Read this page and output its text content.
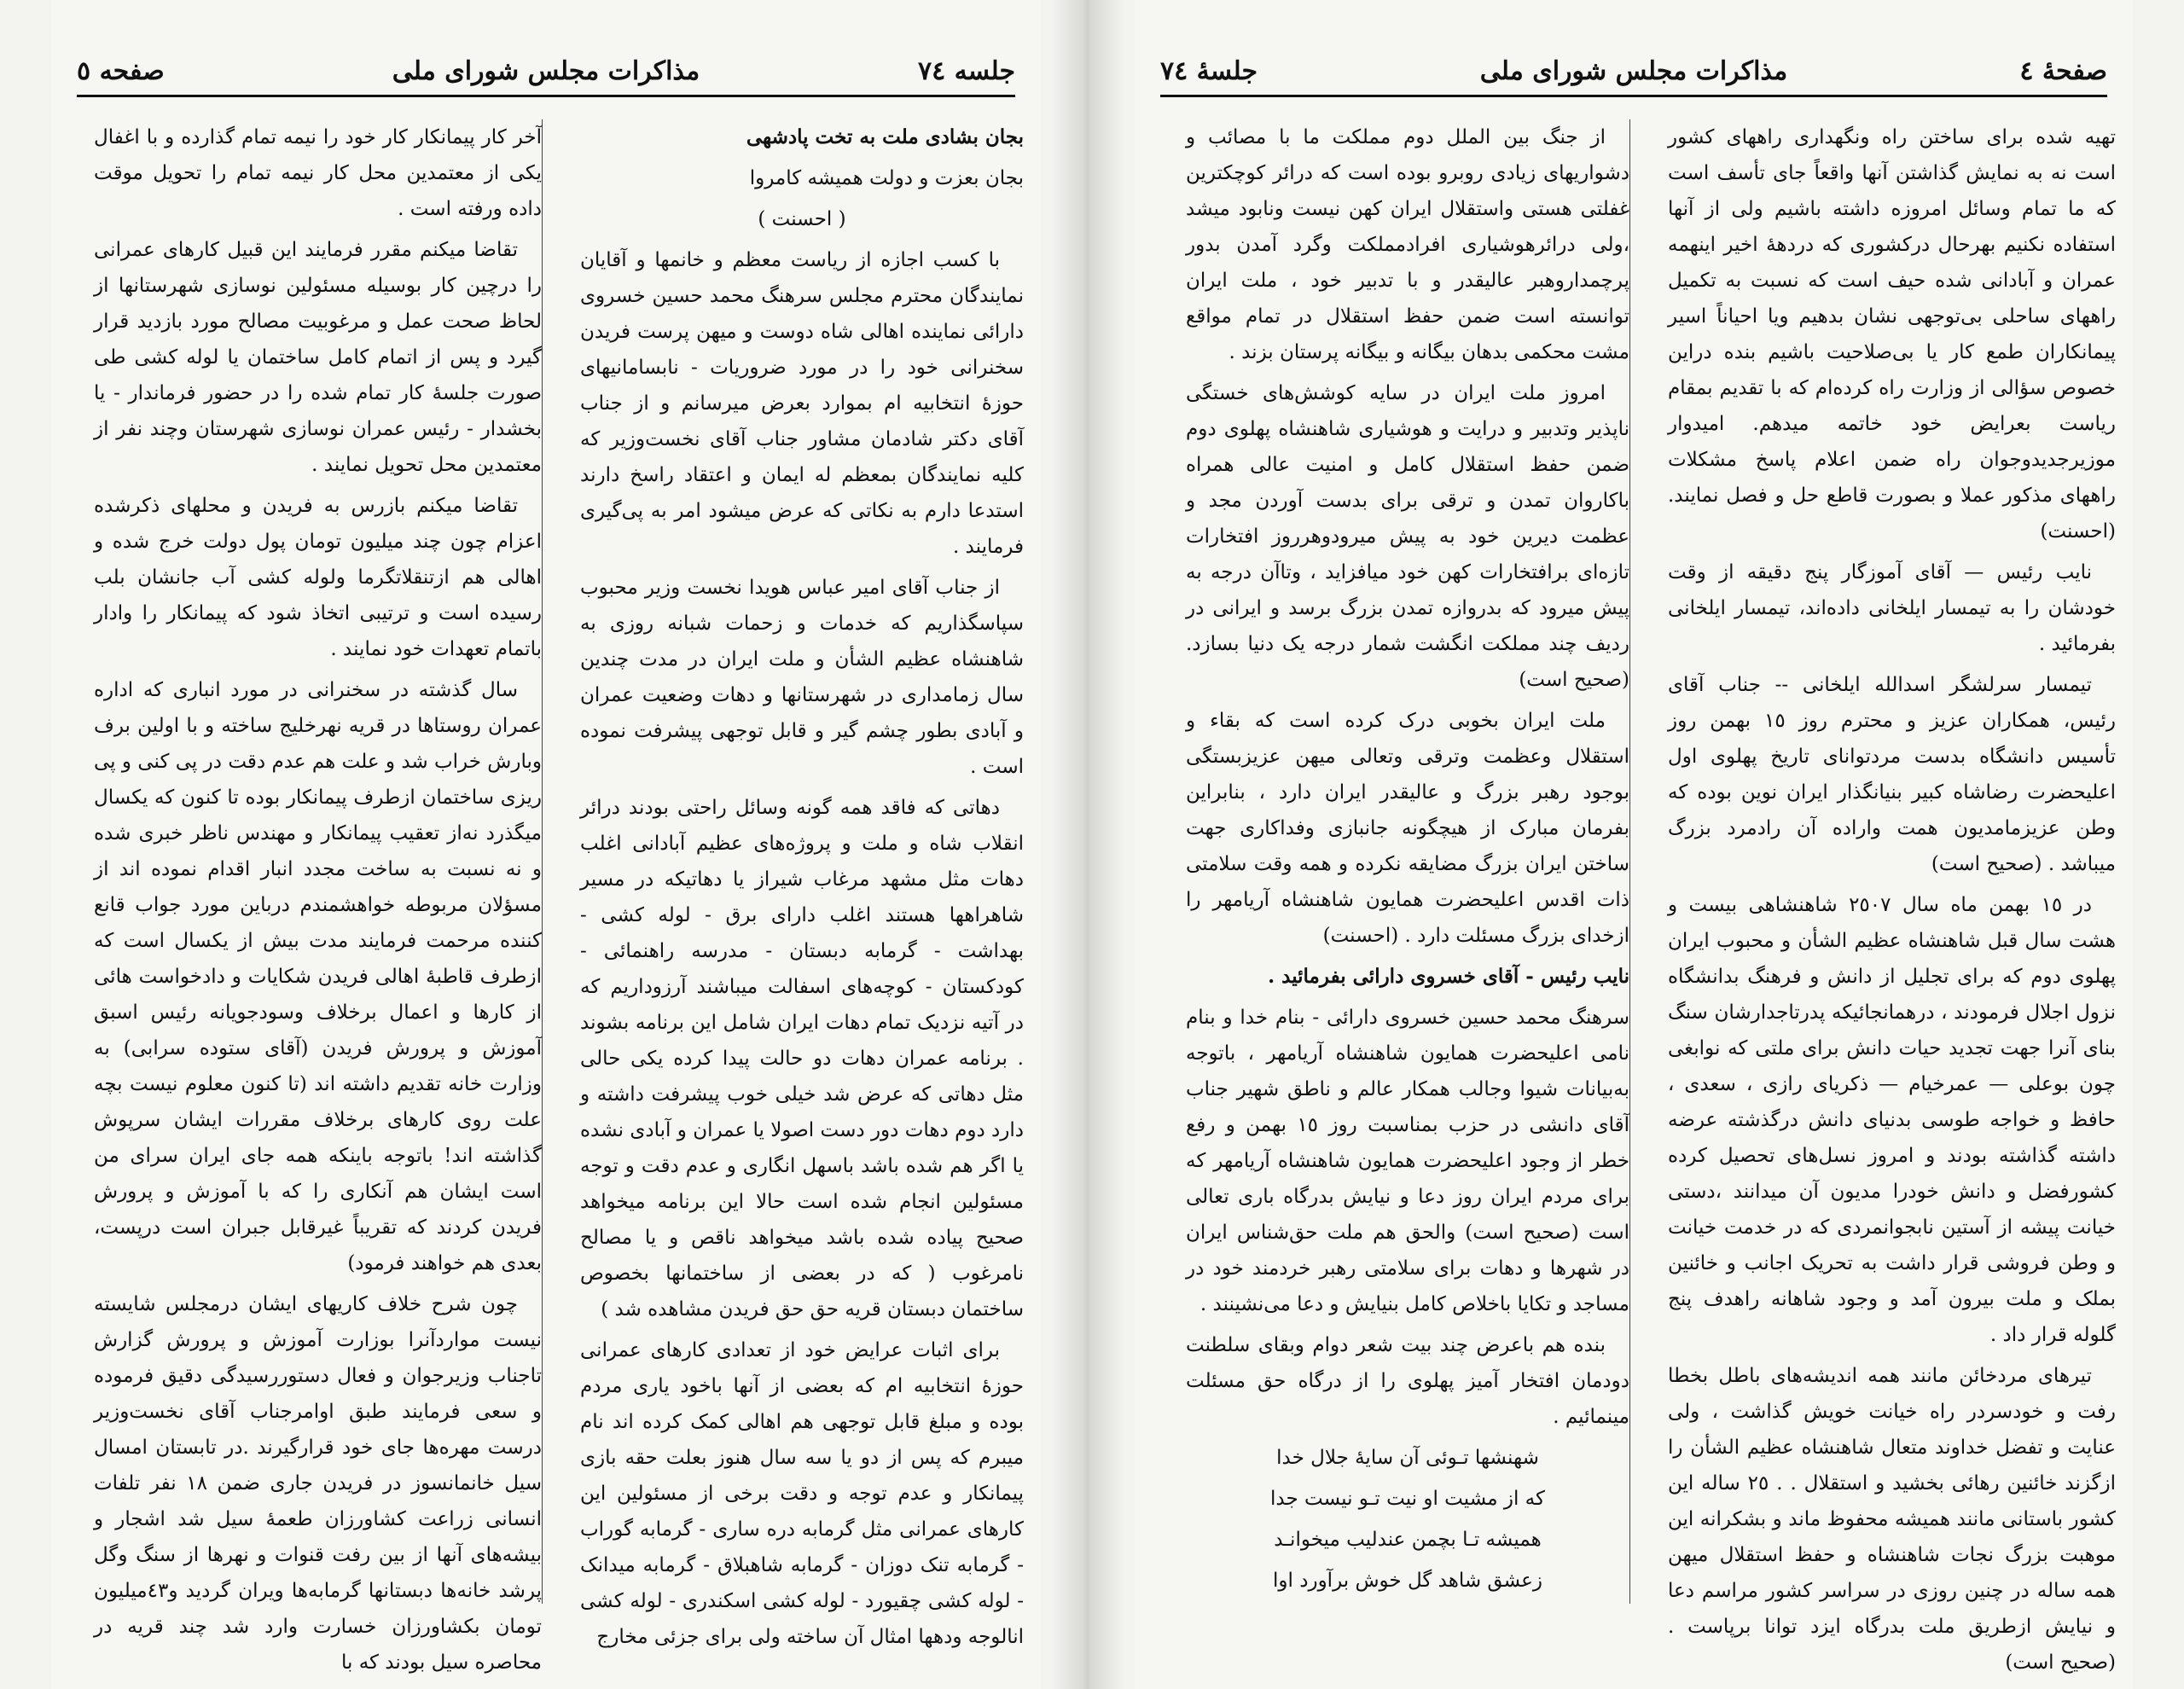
صفحه ٥	مذاکرات مجلس شورای ملی	جلسه ٧٤

بجان بشادی ملت به تخت پادشهی

بجان بعزت و دولت همیشه کامروا

( احسنت )

با کسب اجازه از ریاست معظم و خانمها و آقایان نمایندگان محترم مجلس سرهنگ محمد حسین خسروی دارائی نماینده اهالی شاه دوست و میهن پرست فریدن سخنرانی خود را در مورد ضروریات - نابسامانیهای حوزهٔ انتخابیه ام بموارد بعرض میرسانم و از جناب آقای دکتر شادمان مشاور جناب آقای نخست‌وزیر که کلیه نمایندگان بمعظم له ایمان و اعتقاد راسخ دارند استدعا دارم به نکاتی که عرض میشود امر به پی‌گیری فرمایند .

از جناب آقای امیر عباس هویدا نخست وزیر محبوب سپاسگذاریم که خدمات و زحمات شبانه روزی به شاهنشاه عظیم الشأن و ملت ایران در مدت چندین سال زمامداری در شهرستانها و دهات وضعیت عمران و آبادی بطور چشم گیر و قابل توجهی پیشرفت نموده است .

دهاتی که فاقد همه گونه وسائل راحتی بودند درائر انقلاب شاه و ملت و پروژه‌های عظیم آبادانی اغلب دهات مثل مشهد مرغاب شیراز یا دهاتیکه در مسیر شاهراهها هستند اغلب دارای برق - لوله کشی - بهداشت - گرمابه دبستان - مدرسه راهنمائی - کودکستان - کوچه‌های اسفالت میباشند آرزوداریم که در آتیه نزدیک تمام دهات ایران شامل این برنامه بشوند . برنامه عمران دهات دو حالت پیدا کرده یکی حالی مثل دهاتی که عرض شد خیلی خوب پیشرفت داشته و دارد دوم دهات دور دست اصولا یا عمران و آبادی نشده یا اگر هم شده باشد باسهل انگاری و عدم دقت و توجه مسئولین انجام شده است حالا این برنامه میخواهد صحیح پیاده شده باشد میخواهد ناقص و یا مصالح نامرغوب ( که در بعضی از ساختمانها بخصوص ساختمان دبستان قریه حق حق فریدن مشاهده شد )

برای اثبات عرایض خود از تعدادی کارهای عمرانی حوزهٔ انتخابیه ام که بعضی از آنها باخود یاری مردم بوده و مبلغ قابل توجهی هم اهالی کمک کرده اند نام میبرم که پس از دو یا سه سال هنوز بعلت حقه بازی پیمانکار و عدم توجه و دقت برخی از مسئولین این کارهای عمرانی مثل گرمابه دره ساری - گرمابه گوراب - گرمابه تنک دوزان - گرمابه شاهبلاق - گرمابه میدانک - لوله کشی چقیورد - لوله کشی اسکندری - لوله کشی انالوجه ودهها امثال آن ساخته ولی برای جزئی مخارج

آخر کار پیمانکار کار خود را نیمه تمام گذارده و با اغفال یکی از معتمدین محل کار نیمه تمام را تحویل موقت داده ورفته است .

تقاضا میکنم مقرر فرمایند این قبیل کارهای عمرانی را درچین کار بوسیله مسئولین نوسازی شهرستانها از لحاظ صحت عمل و مرغوبیت مصالح مورد بازدید قرار گیرد و پس از اتمام کامل ساختمان یا لوله کشی طی صورت جلسهٔ کار تمام شده را در حضور فرماندار - یا بخشدار - رئیس عمران نوسازی شهرستان وچند نفر از معتمدین محل تحویل نمایند .

تقاضا میکنم بازرس به فریدن و محلهای ذکرشده اعزام چون چند میلیون تومان پول دولت خرج شده و اهالی هم ازتنقلاتگرما ولوله کشی آب جانشان بلب رسیده است و ترتیبی اتخاذ شود که پیمانکار را وادار باتمام تعهدات خود نمایند .

سال گذشته در سخنرانی در مورد انباری که اداره عمران روستاها در قریه نهرخلیج ساخته و با اولین برف وبارش خراب شد و علت هم عدم دقت در پی کنی و پی ریزی ساختمان ازطرف پیمانکار بوده تا کنون که یکسال میگذرد نه‌از تعقیب پیمانکار و مهندس ناظر خبری شده و نه نسبت به ساخت مجدد انبار اقدام نموده اند از مسؤلان مربوطه خواهشمندم درباین مورد جواب قانع کننده مرحمت فرمایند مدت بیش از یکسال است که ازطرف قاطبهٔ اهالی فریدن شکایات و دادخواست هائی از کارها و اعمال برخلاف وسودجویانه رئیس اسبق آموزش و پرورش فریدن (آقای ستوده سرابی) به وزارت خانه تقدیم داشته اند (تا کنون معلوم نیست بچه علت روی کارهای برخلاف مقررات ایشان سرپوش گذاشته اند! باتوجه باینکه همه جای ایران سرای من است ایشان هم آنکاری را که با آموزش و پرورش فریدن کردند که تقریباً غیرقابل جبران است درپست، بعدی هم خواهند فرمود)

چون شرح خلاف کاریهای ایشان درمجلس شایسته نیست مواردآنرا بوزارت آموزش و پرورش گزارش تاجناب وزیرجوان و فعال دستوررسیدگی دقیق فرموده و سعی فرمایند طبق اوامرجناب آقای نخست‌وزیر درست مهره‌ها جای خود قرارگیرند .در تابستان امسال سیل خانمانسوز در فریدن جاری ضمن ١٨ نفر تلفات انسانی زراعت کشاورزان طعمهٔ سیل شد اشجار و بیشه‌های آنها از بین رفت قنوات و نهرها از سنگ وگل پرشد خانه‌ها دبستانها گرمابه‌ها ویران گردید و٤٣میلیون تومان بکشاورزان خسارت وارد شد چند قریه در محاصره سیل بودند که با

صفحهٔ ٤
مذاکرات مجلس شورای ملی
جلسهٔ ٧٤

تهیه شده برای ساختن راه ونگهداری راههای کشور است نه به نمایش گذاشتن آنها واقعاً جای تأسف است که ما تمام وسائل امروزه داشته باشیم ولی از آنها استفاده نکنیم بهرحال درکشوری که دردههٔ اخیر اینهمه عمران و آبادانی شده حیف است که نسبت به تکمیل راههای ساحلی بی‌توجهی نشان بدهیم ویا احیاناً اسیر پیمانکاران طمع کار یا بی‌صلاحیت باشیم بنده دراین خصوص سؤالی از وزارت راه کرده‌ام که با تقدیم بمقام ریاست بعرایض خود خاتمه میدهم. امیدوار موزیرجدیدوجوان راه ضمن اعلام پاسخ مشکلات راههای مذکور عملا و بصورت قاطع حل و فصل نمایند. (احسنت)

نایب رئیس — آقای آموزگار پنج دقیقه از وقت خودشان را به تیمسار ایلخانی داده‌اند، تیمسار ایلخانی بفرمائید .

تیمسار سرلشگر اسدالله ایلخانی -- جناب آقای رئیس، همکاران عزیز و محترم روز ١٥ بهمن روز تأسیس دانشگاه بدست مردتوانای تاریخ پهلوی اول اعلیحضرت رضاشاه کبیر بنیانگذار ایران نوین بوده که وطن عزیزمامدیون همت واراده آن رادمرد بزرگ میباشد . (صحیح است)

در ١٥ بهمن ماه سال ٢٥٠٧ شاهنشاهی بیست و هشت سال قبل شاهنشاه عظیم الشأن و محبوب ایران پهلوی دوم که برای تجلیل از دانش و فرهنگ بدانشگاه نزول اجلال فرمودند ، درهمانجائیکه پدرتاجدارشان سنگ بنای آنرا جهت تجدید حیات دانش برای ملتی که نوابغی چون بوعلی — عمرخیام — ذکریای رازی ، سعدی ، حافظ و خواجه طوسی بدنیای دانش درگذشته عرضه داشته گذاشته بودند و امروز نسل‌های تحصیل کرده کشورفضل و دانش خودرا مدیون آن میدانند ،دستی خیانت پیشه از آستین نابجوانمردی که در خدمت خیانت و وطن فروشی قرار داشت به تحریک اجانب و خائنین بملک و ملت بیرون آمد و وجود شاهانه راهدف پنج گلوله قرار داد .

تیرهای مردخائن مانند همه اندیشه‌های باطل بخطا رفت و خودسردر راه خیانت خویش گذاشت ، ولی عنایت و تفضل خداوند متعال شاهنشاه عظیم الشأن را ازگزند خائنین رهائی بخشید و استقلال . . ٢٥ ساله این کشور باستانی مانند همیشه محفوظ ماند و بشکرانه این موهبت بزرگ نجات شاهنشاه و حفظ استقلال میهن همه ساله در چنین روزی در سراسر کشور مراسم دعا و نیایش ازطریق ملت بدرگاه ایزد توانا برپاست . (صحیح است)

از جنگ بین الملل دوم مملکت ما با مصائب و دشواریهای زیادی روبرو بوده است که درائر کوچکترین غفلتی هستی واستقلال ایران کهن نیست ونابود میشد ،ولی درائرهوشیاری افرادمملکت وگرد آمدن بدور پرچمداروهبر عالیقدر و با تدبیر خود ، ملت ایران توانسته است ضمن حفظ استقلال در تمام مواقع مشت محکمی بدهان بیگانه و بیگانه پرستان بزند .

امروز ملت ایران در سایه کوشش‌های خستگی ناپذیر وتدبیر و درایت و هوشیاری شاهنشاه پهلوی دوم ضمن حفظ استقلال کامل و امنیت عالی همراه باکاروان تمدن و ترقی برای بدست آوردن مجد و عظمت دیرین خود به پیش میرودوهرروز افتخارات تازه‌ای برافتخارات کهن خود میافزاید ، وتاآن درجه به پیش میرود که بدروازه تمدن بزرگ برسد و ایرانی در ردیف چند مملکت انگشت شمار درجه یک دنیا بسازد. (صحیح است)

ملت ایران بخوبی درک کرده است که بقاء و استقلال وعظمت وترقی وتعالی میهن عزیزبستگی بوجود رهبر بزرگ و عالیقدر ایران دارد ، بنابراین بفرمان مبارک از هیچگونه جانبازی وفداکاری جهت ساختن ایران بزرگ مضایقه نکرده و همه وقت سلامتی ذات اقدس اعلیحضرت همایون شاهنشاه آریامهر را ازخدای بزرگ مسئلت دارد . (احسنت)

نایب رئیس - آقای خسروی دارائی بفرمائید .

سرهنگ محمد حسین خسروی دارائی - بنام خدا و بنام نامی اعلیحضرت همایون شاهنشاه آریامهر ، باتوجه به‌بیانات شیوا وجالب همکار عالم و ناطق شهیر جناب آقای دانشی در حزب بمناسبت روز ١٥ بهمن و رفع خطر از وجود اعلیحضرت همایون شاهنشاه آریامهر که برای مردم ایران روز دعا و نیایش بدرگاه باری تعالی است (صحیح است) والحق هم ملت حق‌شناس ایران در شهرها و دهات برای سلامتی رهبر خردمند خود در مساجد و تکایا باخلاص کامل بنیایش و دعا می‌نشینند .

بنده هم باعرض چند بیت شعر دوام وبقای سلطنت دودمان افتخار آمیز پهلوی را از درگاه حق مسئلت مینمائیم .

شهنشها تـوئی آن سایهٔ جلال خدا

که از مشیت او نیت تـو نیست جدا

همیشه تـا بچمن عندلیب میخوانـد

زعشق شاهد گل خوش برآورد اوا
